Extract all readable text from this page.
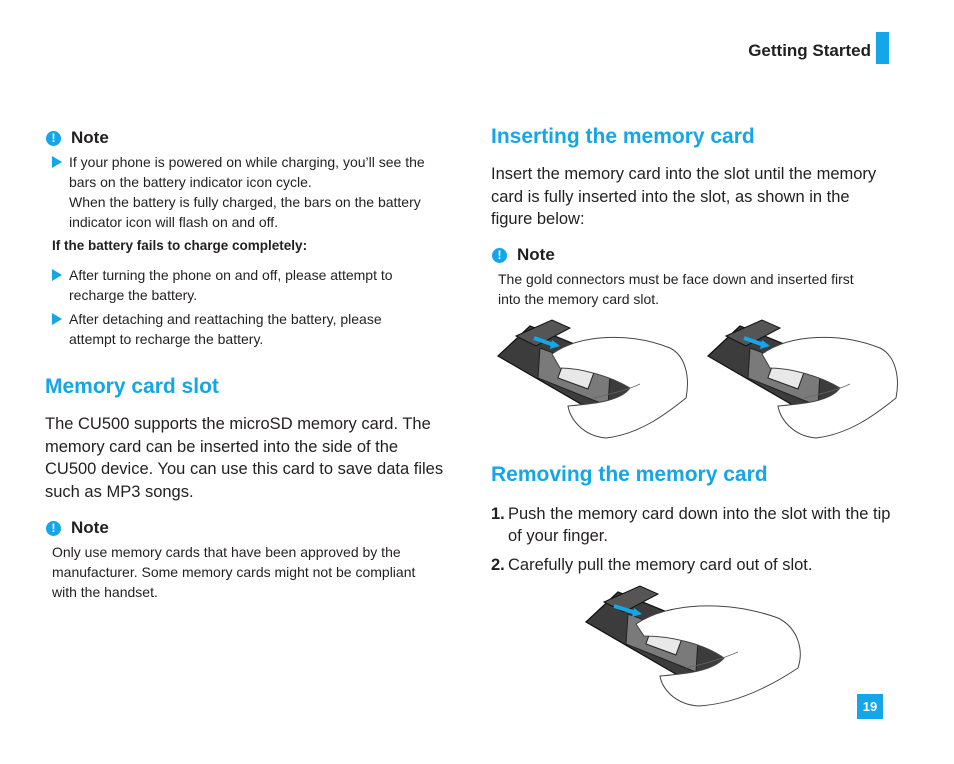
Getting Started
! Note
If your phone is powered on while charging, you’ll see the
bars on the battery indicator icon cycle.
When the battery is fully charged, the bars on the battery
indicator icon will flash on and off.
If the battery fails to charge completely:
After turning the phone on and off, please attempt to
recharge the battery.
After detaching and reattaching the battery, please
attempt to recharge the battery.
Memory card slot
The CU500 supports the microSD memory card. The
memory card can be inserted into the side of the
CU500 device. You can use this card to save data files
such as MP3 songs.
! Note
Only use memory cards that have been approved by the
manufacturer. Some memory cards might not be compliant
with the handset.
Inserting the memory card
Insert the memory card into the slot until the memory
card is fully inserted into the slot, as shown in the
figure below:
! Note
The gold connectors must be face down and inserted first
into the memory card slot.
Removing the memory card
1. Push the memory card down into the slot with the tip
of your finger.
2. Carefully pull the memory card out of slot.
19
